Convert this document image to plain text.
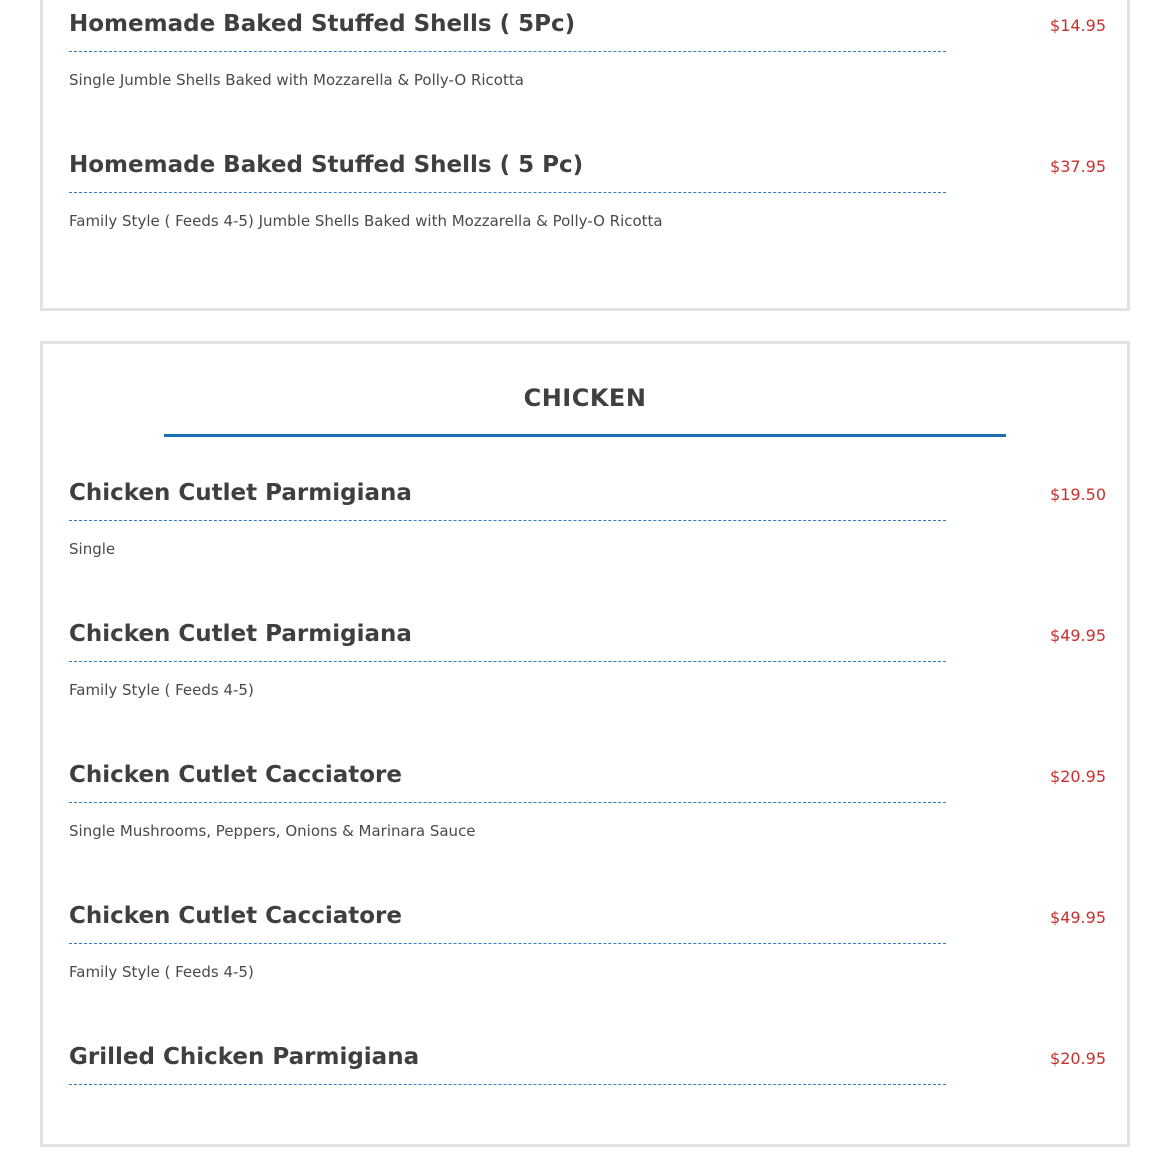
Homemade Baked Stuffed Shells ( 5Pc)	$14.95
Single Jumble Shells Baked with Mozzarella & Polly-O Ricotta
Homemade Baked Stuffed Shells ( 5 Pc)	$37.95
Family Style ( Feeds 4-5) Jumble Shells Baked with Mozzarella & Polly-O Ricotta
CHICKEN
Chicken Cutlet Parmigiana	$19.50
Single
Chicken Cutlet Parmigiana	$49.95
Family Style ( Feeds 4-5)
Chicken Cutlet Cacciatore	$20.95
Single Mushrooms, Peppers, Onions & Marinara Sauce
Chicken Cutlet Cacciatore	$49.95
Family Style ( Feeds 4-5)
Grilled Chicken Parmigiana	$20.95
